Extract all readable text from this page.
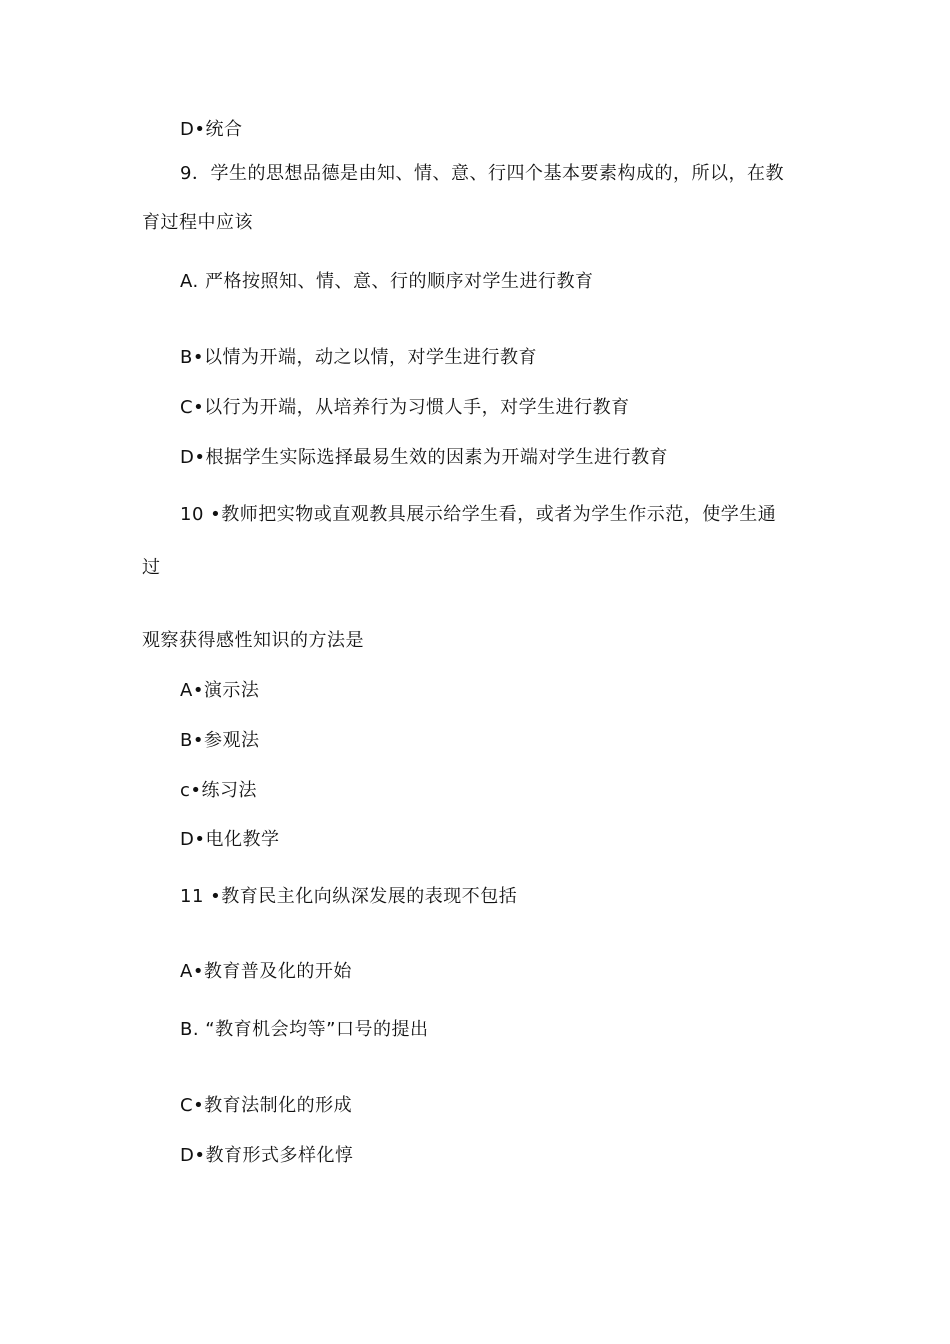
D•统合
9．学生的思想品德是由知、情、意、行四个基本要素构成的，所以，在教
育过程中应该
A. 严格按照知、情、意、行的顺序对学生进行教育
B•以情为开端，动之以情，对学生进行教育
C•以行为开端，从培养行为习惯人手，对学生进行教育
D•根据学生实际选择最易生效的因素为开端对学生进行教育
10 •教师把实物或直观教具展示给学生看，或者为学生作示范，使学生通
过
观察获得感性知识的方法是
A•演示法
B•参观法
c•练习法
D•电化教学
11 •教育民主化向纵深发展的表现不包括
A•教育普及化的开始
B. “教育机会均等”口号的提出
C•教育法制化的形成
D•教育形式多样化惇
